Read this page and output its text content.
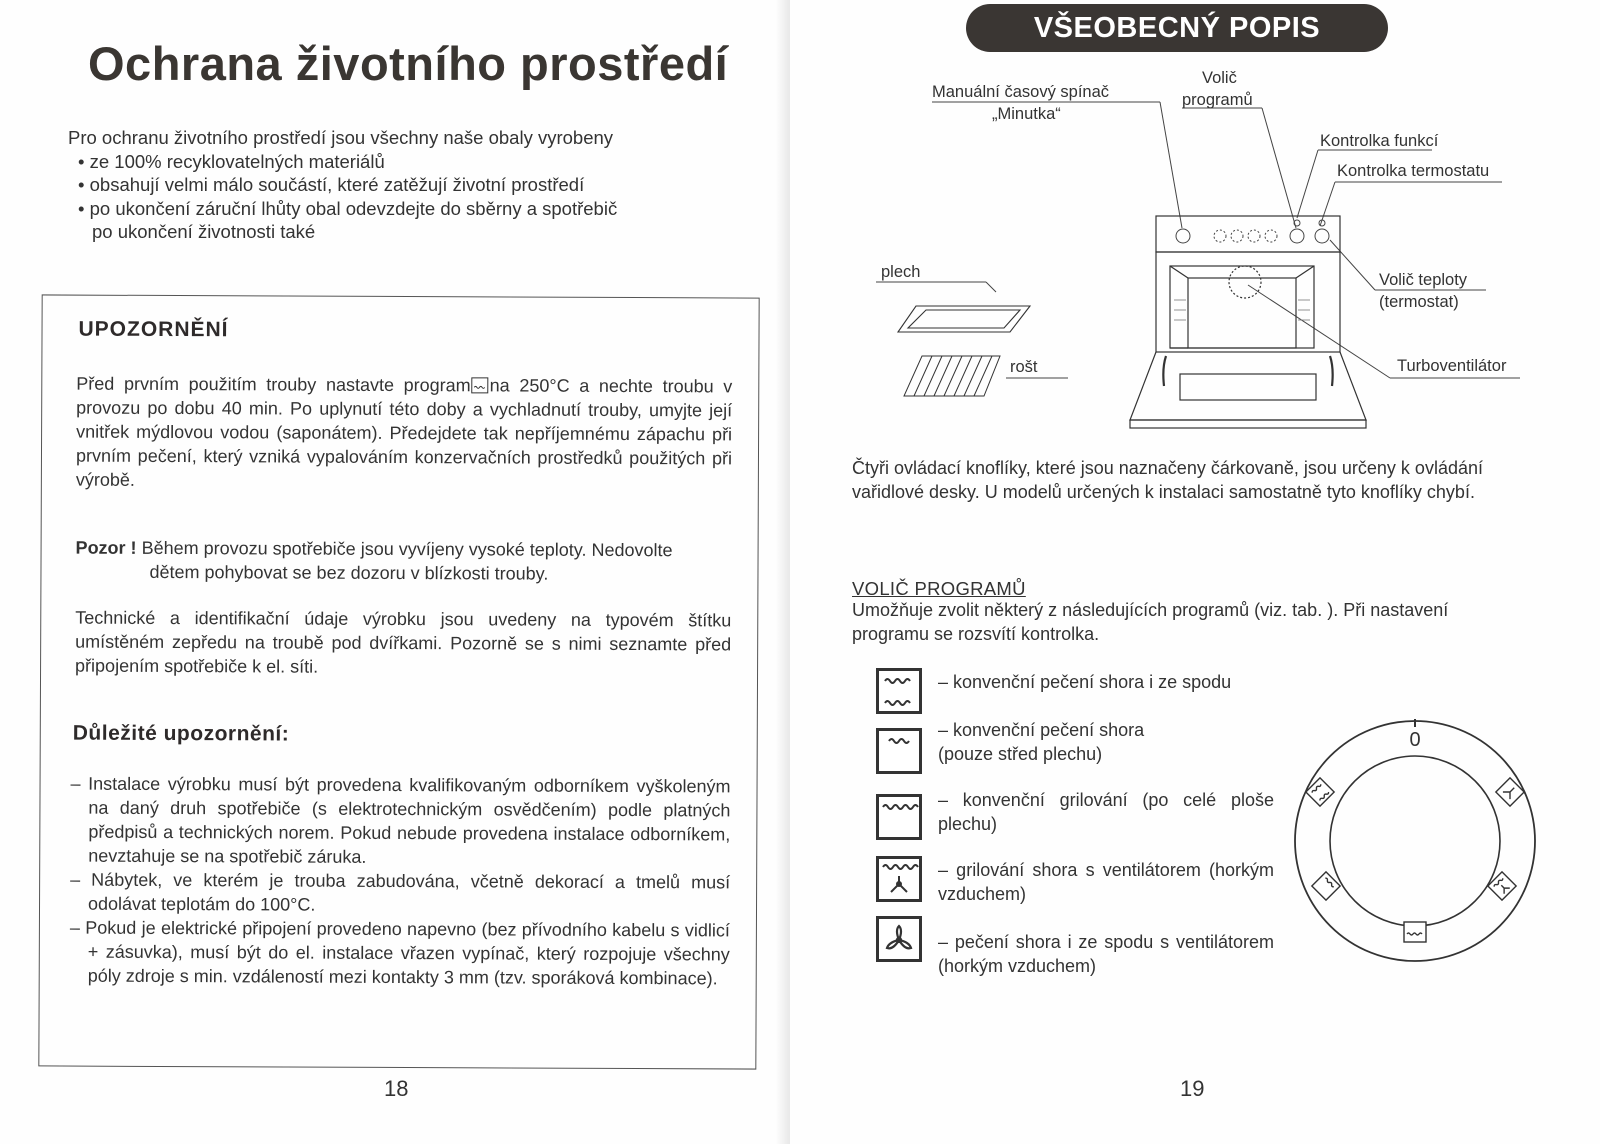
Ochrana životního prostředí
Pro ochranu životního prostředí jsou všechny naše obaly vyrobeny
• ze 100% recyklovatelných materiálů
• obsahují velmi málo součástí, které zatěžují životní prostředí
• po ukončení záruční lhůty obal odevzdejte do sběrny a spotřebič
po ukončení životnosti také
UPOZORNĚNÍ
Před prvním použitím trouby nastavte program na 250°C a nechte troubu v provozu po dobu 40 min. Po uplynutí této doby a vychladnutí trouby, umyjte její vnitřek mýdlovou vodou (saponátem). Předejdete tak nepříjemnému zápachu při prvním pečení, který vzniká vypalováním konzervačních prostředků použitých při výrobě.
Pozor ! Během provozu spotřebiče jsou vyvíjeny vysoké teploty. Nedovolte
dětem pohybovat se bez dozoru v blízkosti trouby.
Technické a identifikační údaje výrobku jsou uvedeny na typovém štítku umístěném zepředu na troubě pod dvířkami. Pozorně se s nimi seznamte před připojením spotřebiče k el. síti.
Důležité upozornění:
– Instalace výrobku musí být provedena kvalifikovaným odborníkem vyškoleným na daný druh spotřebiče (s elektrotechnickým osvědčením) podle platných předpisů a technických norem. Pokud nebude provedena instalace odborníkem, nevztahuje se na spotřebič záruka.
– Nábytek, ve kterém je trouba zabudována, včetně dekorací a tmelů musí odolávat teplotám do 100°C.
– Pokud je elektrické připojení provedeno napevno (bez přívodního kabelu s vidlicí + zásuvka), musí být do el. instalace vřazen vypínač, který rozpojuje všechny póly zdroje s min. vzdáleností mezi kontakty 3 mm (tzv. sporáková kombinace).
18
VŠEOBECNÝ POPIS
Manuální časový spínač
„Minutka“
Volič
programů
Kontrolka funkcí
Kontrolka termostatu
plech
rošt
Volič teploty
(termostat)
Turboventilátor
Čtyři ovládací knoflíky, které jsou naznačeny čárkovaně, jsou určeny k ovládání vařidlové desky. U modelů určených k instalaci samostatně tyto knoflíky chybí.
VOLIČ PROGRAMŮ
Umožňuje zvolit některý z následujících programů (viz. tab. ). Při nastavení programu se rozsvítí kontrolka.
– konvenční pečení shora i ze spodu
– konvenční pečení shora
(pouze střed plechu)
– konvenční grilování (po celé ploše plechu)
– grilování shora s ventilátorem (horkým vzduchem)
– pečení shora i ze spodu s ventilátorem (horkým vzduchem)
0
19
